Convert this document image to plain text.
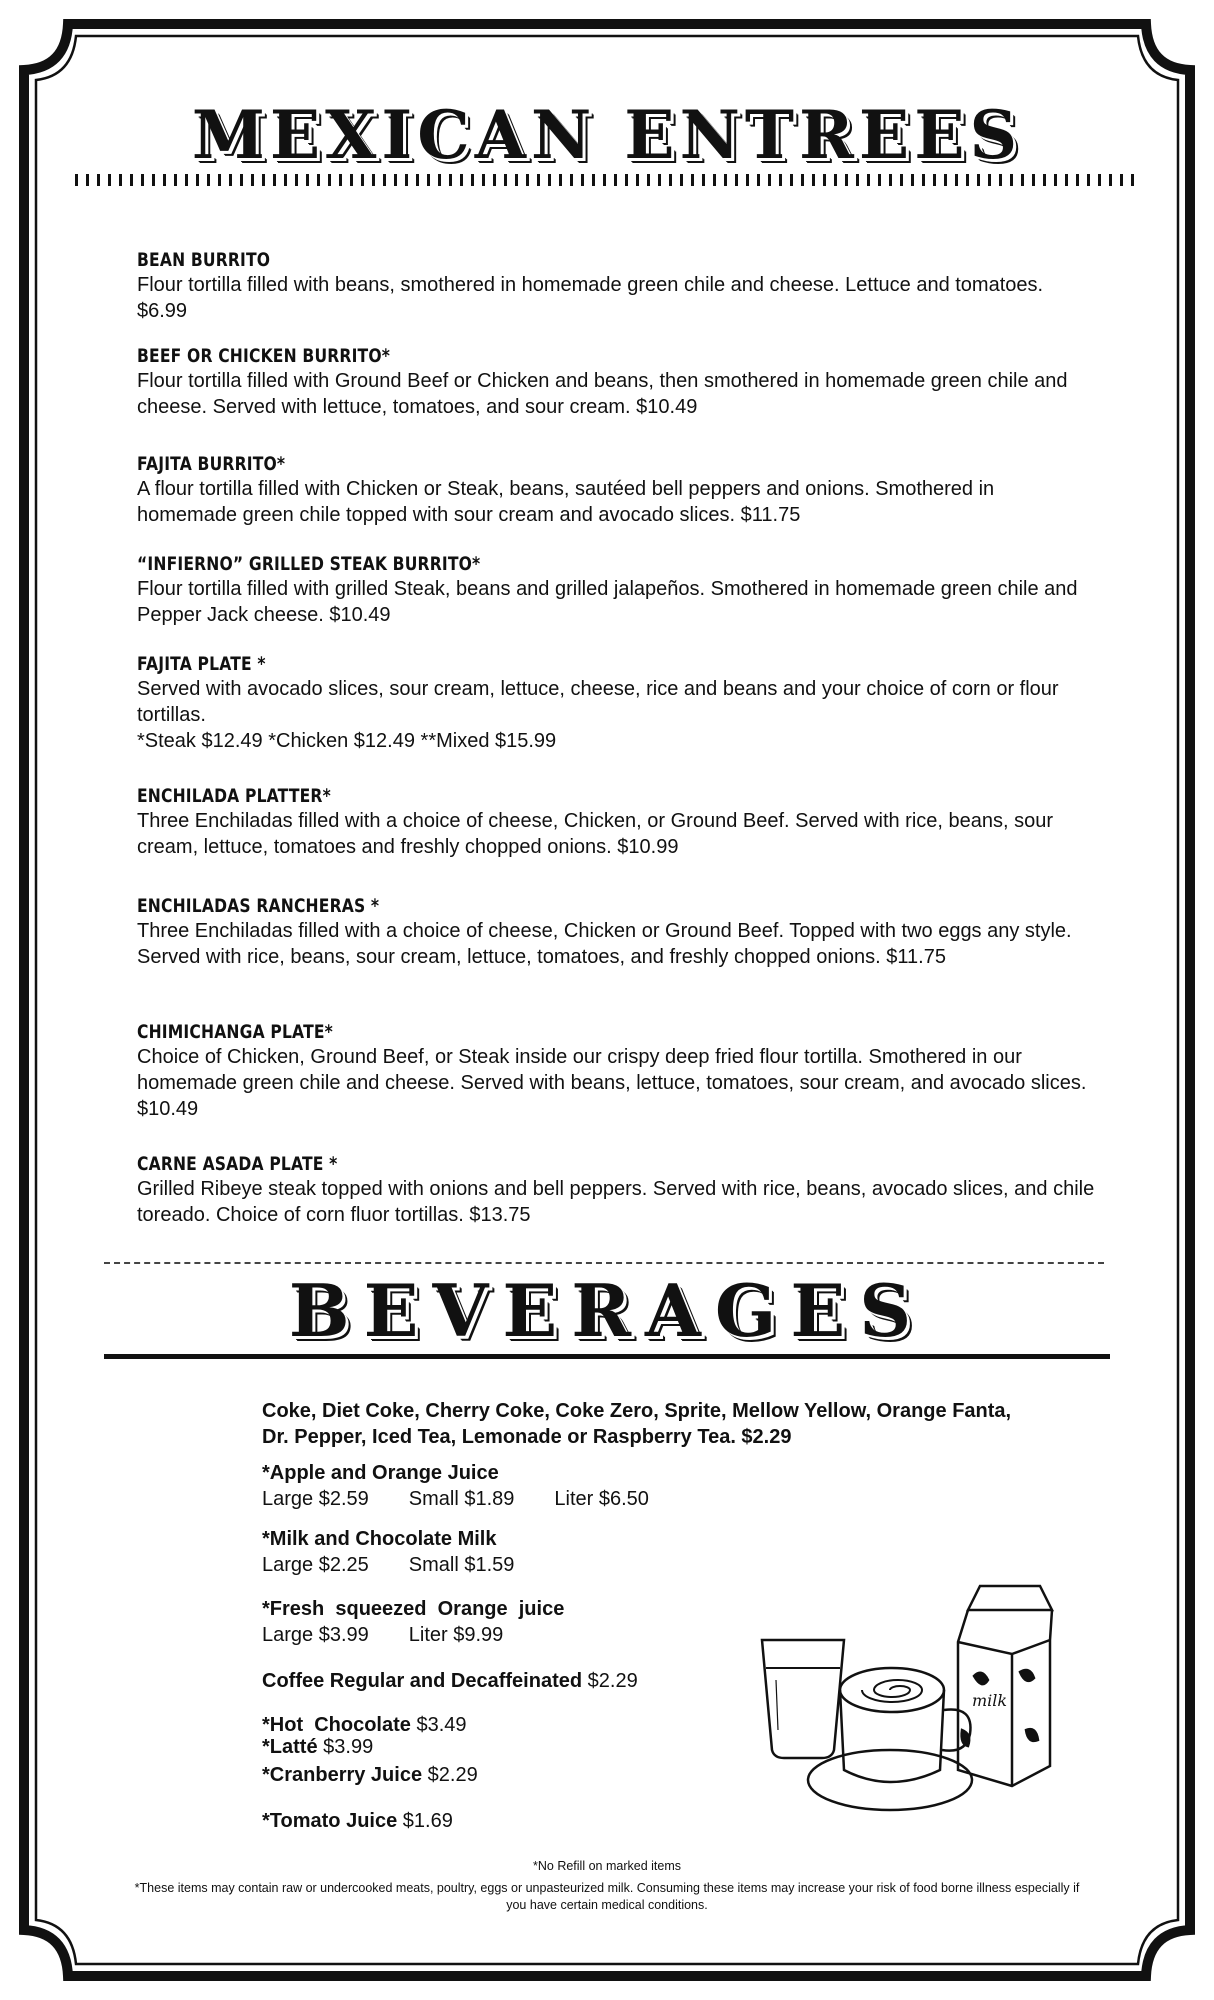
MEXICAN ENTREES
BEAN BURRITO
Flour tortilla filled with beans, smothered in homemade green chile and cheese. Lettuce and tomatoes. $6.99
BEEF OR CHICKEN BURRITO*
Flour tortilla filled with Ground Beef or Chicken and beans, then smothered in homemade green chile and cheese. Served with lettuce, tomatoes, and sour cream. $10.49
FAJITA BURRITO*
A flour tortilla filled with Chicken or Steak, beans, sautéed bell peppers and onions. Smothered in homemade green chile topped with sour cream and avocado slices. $11.75
“INFIERNO” GRILLED STEAK BURRITO*
Flour tortilla filled with grilled Steak, beans and grilled jalapeños. Smothered in homemade green chile and Pepper Jack cheese. $10.49
FAJITA PLATE *
Served with avocado slices, sour cream, lettuce, cheese, rice and beans and your choice of corn or flour tortillas.
*Steak $12.49 *Chicken $12.49 **Mixed $15.99
ENCHILADA PLATTER*
Three Enchiladas filled with a choice of cheese, Chicken, or Ground Beef. Served with rice, beans, sour cream, lettuce, tomatoes and freshly chopped onions. $10.99
ENCHILADAS RANCHERAS *
Three Enchiladas filled with a choice of cheese, Chicken or Ground Beef. Topped with two eggs any style. Served with rice, beans, sour cream, lettuce, tomatoes, and freshly chopped onions. $11.75
CHIMICHANGA PLATE*
Choice of Chicken, Ground Beef, or Steak inside our crispy deep fried flour tortilla. Smothered in our homemade green chile and cheese. Served with beans, lettuce, tomatoes, sour cream, and avocado slices. $10.49
CARNE ASADA PLATE *
Grilled Ribeye steak topped with onions and bell peppers. Served with rice, beans, avocado slices, and chile toreado. Choice of corn fluor tortillas. $13.75
BEVERAGES
Coke, Diet Coke, Cherry Coke, Coke Zero, Sprite, Mellow Yellow, Orange Fanta, Dr. Pepper, Iced Tea, Lemonade or Raspberry Tea. $2.29
*Apple and Orange Juice
Large $2.59 Small $1.89 Liter $6.50
*Milk and Chocolate Milk
Large $2.25 Small $1.59
*Fresh  squeezed  Orange  juice
Large $3.99 Liter $9.99
Coffee Regular and Decaffeinated $2.29
*Hot  Chocolate $3.49
*Latté $3.99
*Cranberry Juice $2.29
*Tomato Juice $1.69
milk
*No Refill on marked items
*These items may contain raw or undercooked meats, poultry, eggs or unpasteurized milk. Consuming these items may increase your risk of food borne illness especially if you have certain medical conditions.
